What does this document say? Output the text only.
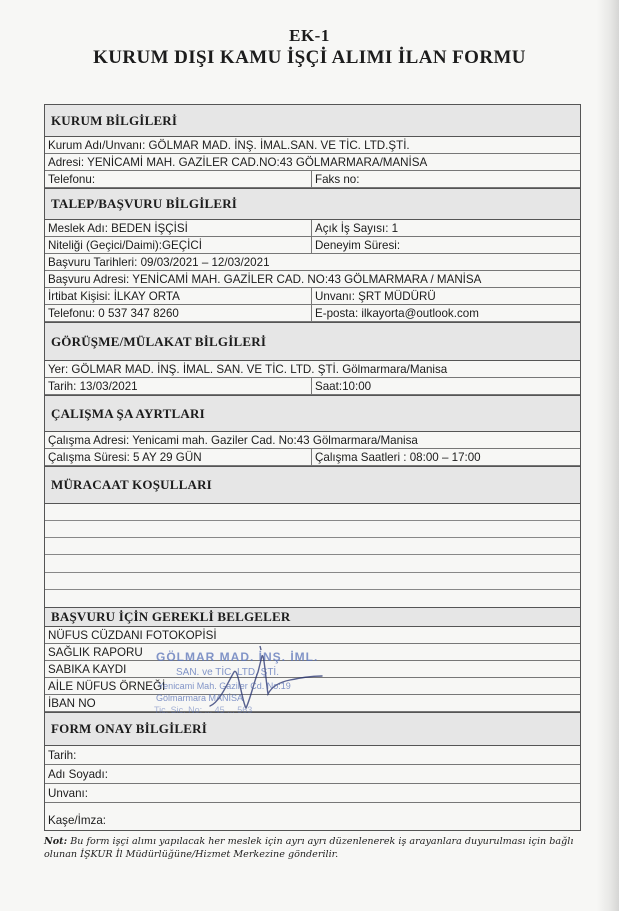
EK-1
KURUM DIŞI KAMU İŞÇİ ALIMI İLAN FORMU
KURUM BİLGİLERİ
Kurum Adı/Unvanı: GÖLMAR MAD. İNŞ. İMAL.SAN. VE TİC. LTD.ŞTİ.
Adresi: YENİCAMİ MAH. GAZİLER CAD.NO:43 GÖLMARMARA/MANİSA
Telefonu:	Faks no:
TALEP/BAŞVURU BİLGİLERİ
Meslek Adı: BEDEN İŞÇİSİ	Açık İş Sayısı: 1
Niteliği (Geçici/Daimi):GEÇİCİ	Deneyim Süresi:
Başvuru Tarihleri: 09/03/2021 – 12/03/2021
Başvuru Adresi: YENİCAMİ MAH. GAZİLER CAD. NO:43 GÖLMARMARA / MANİSA
İrtibat Kişisi: İLKAY ORTA	Unvanı: ŞRT MÜDÜRÜ
Telefonu: 0 537 347 8260	E-posta: ilkayorta@outlook.com
GÖRÜŞME/MÜLAKAT BİLGİLERİ
Yer: GÖLMAR MAD. İNŞ. İMAL. SAN. VE TİC. LTD. ŞTİ. Gölmarmara/Manisa
Tarih: 13/03/2021	Saat:10:00
ÇALIŞMA ŞA AYRTLARI
Çalışma Adresi: Yenicami mah. Gaziler Cad. No:43 Gölmarmara/Manisa
Çalışma Süresi: 5 AY 29 GÜN	Çalışma Saatleri : 08:00 – 17:00
MÜRACAAT KOŞULLARI
BAŞVURU İÇİN GEREKLİ BELGELER
NÜFUS CÜZDANI FOTOKOPİSİ
SAĞLIK RAPORU
SABIKA KAYDI
AİLE NÜFUS ÖRNEĞİ
İBAN NO
FORM ONAY BİLGİLERİ
Tarih:
Adı Soyadı:
Unvanı:
Kaşe/İmza:
GÖLMAR MAD. İNŞ. İML.
SAN. ve TİC. LTD. ŞTİ.
Yenicami Mah. Gaziler Cd. No:19
Gölmarmara MANİSA
Tic. Sic. No: ... 45 ... 563
Not: Bu form işçi alımı yapılacak her meslek için ayrı ayrı düzenlenerek iş arayanlara duyurulması için bağlı olunan İŞKUR İl Müdürlüğüne/Hizmet Merkezine gönderilir.
